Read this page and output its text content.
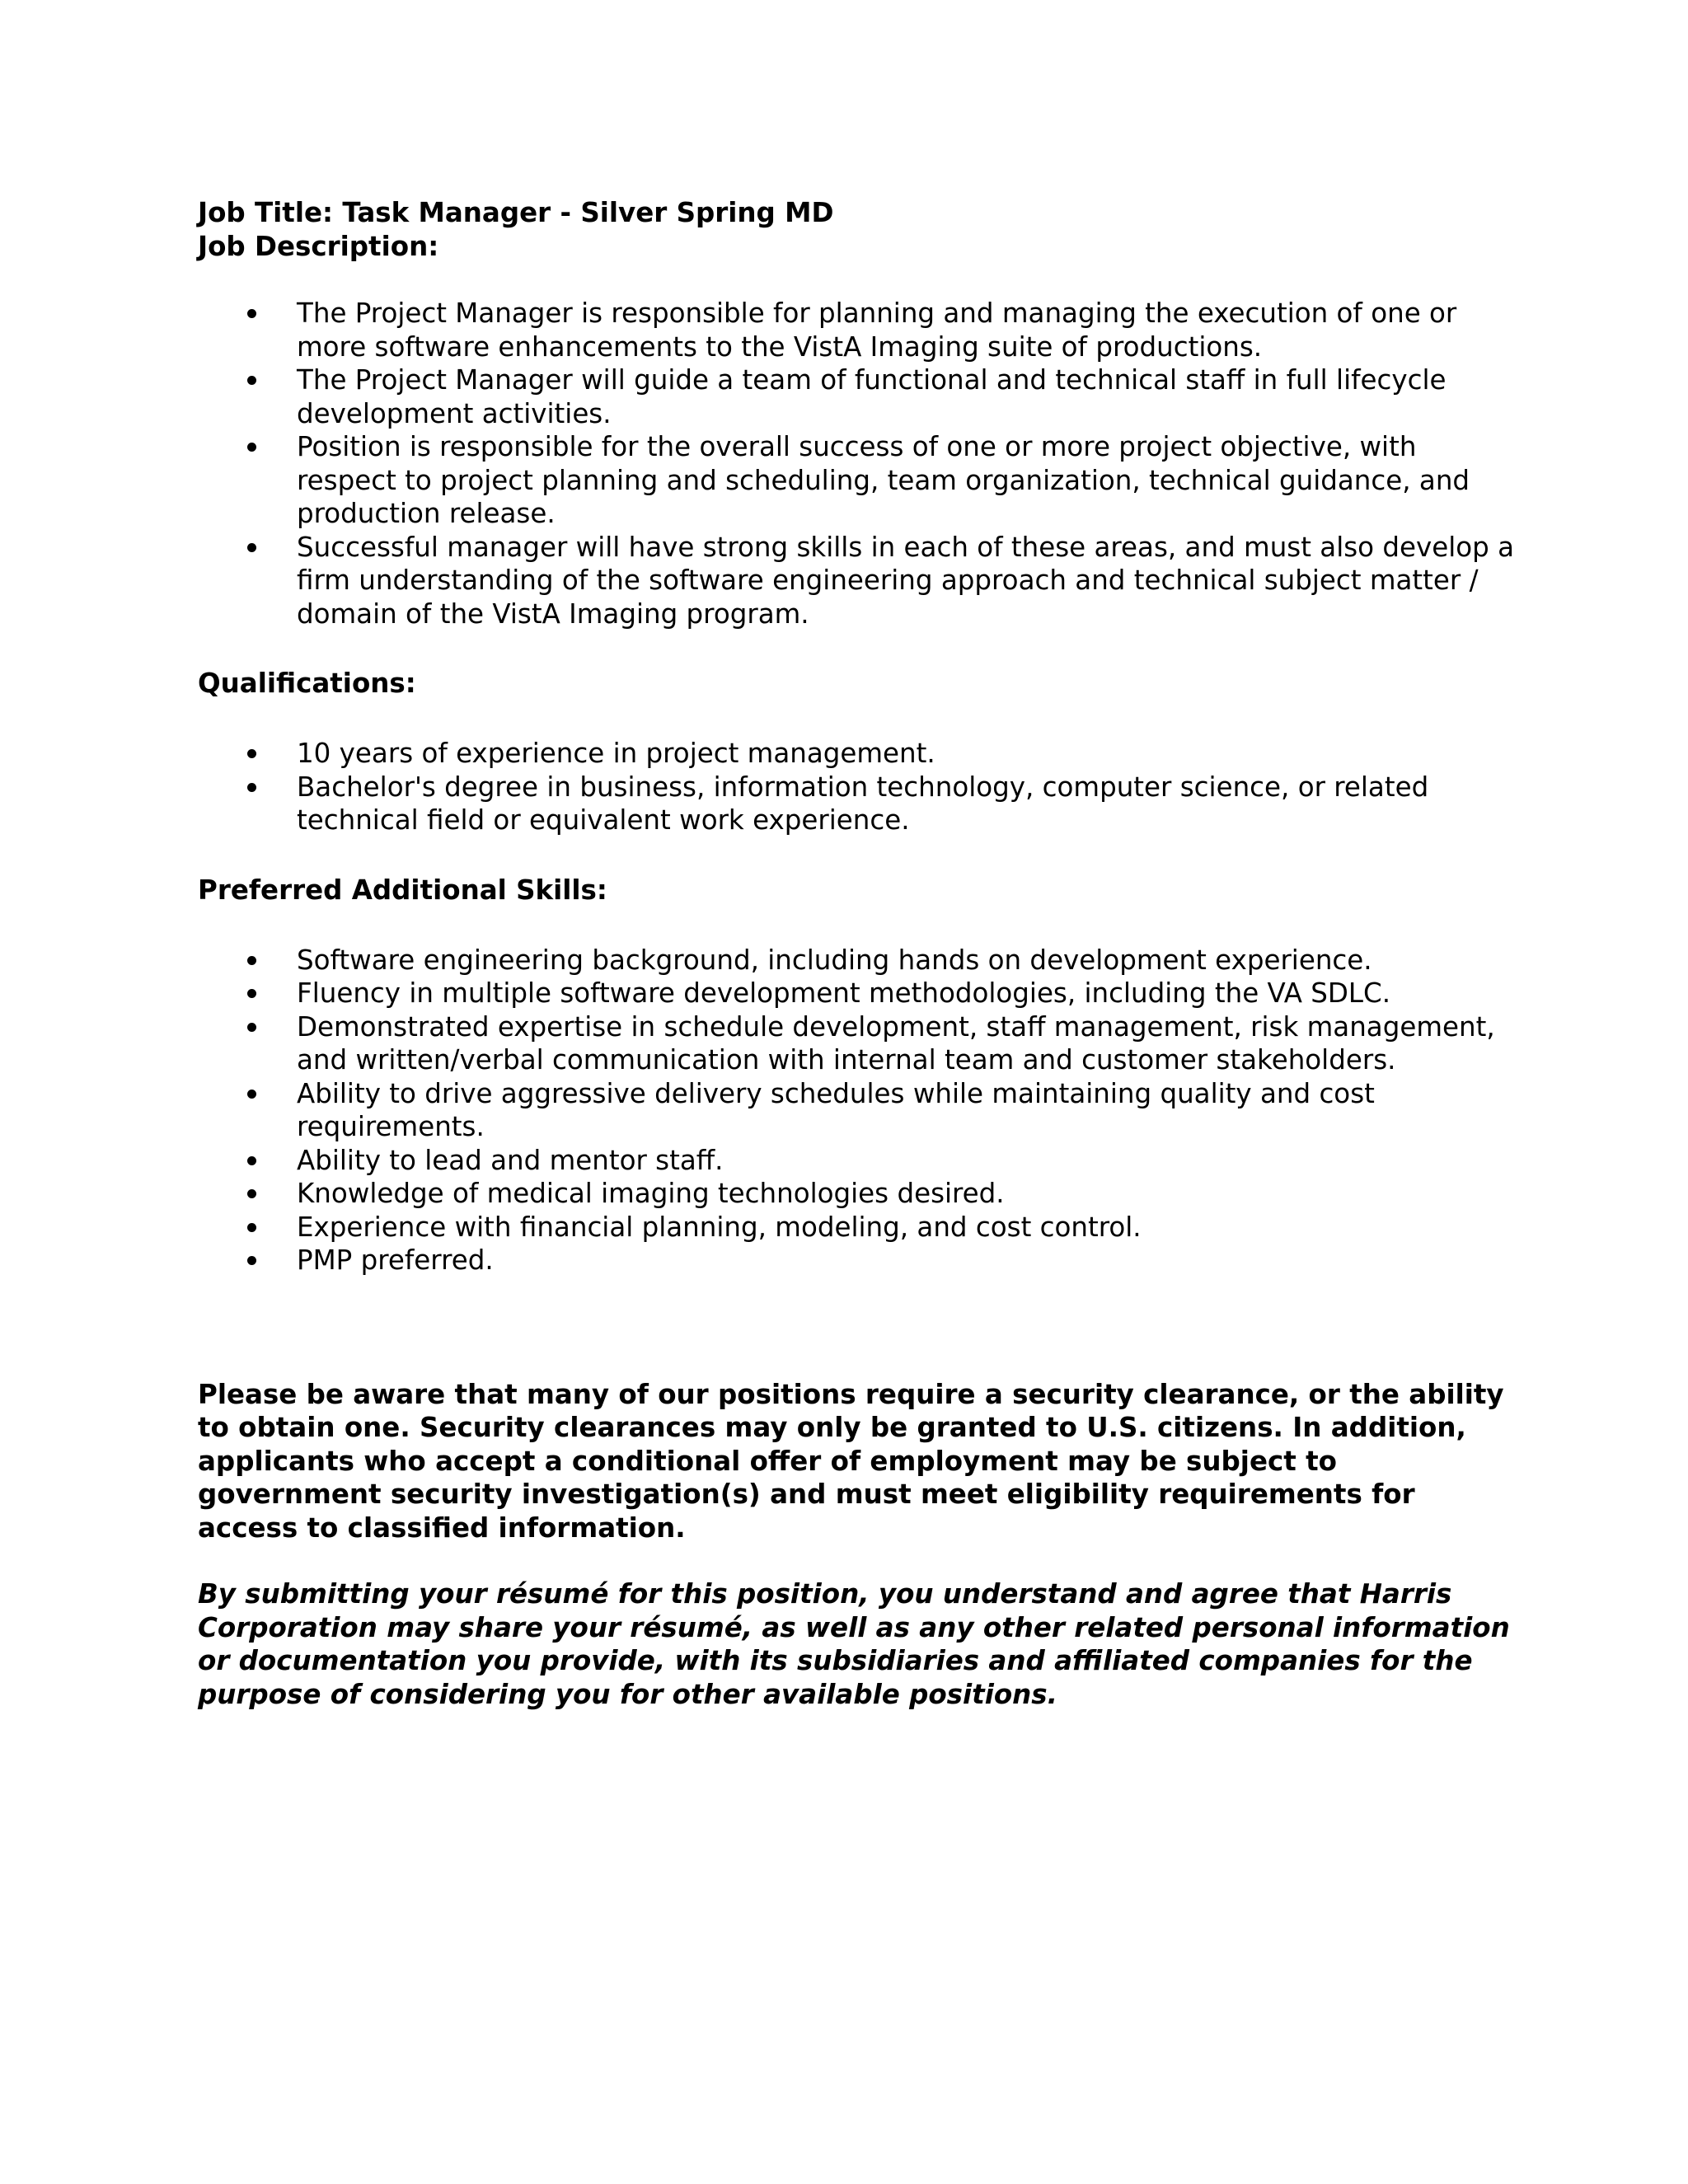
Job Title: Task Manager - Silver Spring MD

Job Description:

The Project Manager is responsible for planning and managing the execution of one or more software enhancements to the VistA Imaging suite of productions.
The Project Manager will guide a team of functional and technical staff in full lifecycle development activities.
Position is responsible for the overall success of one or more project objective, with respect to project planning and scheduling, team organization, technical guidance, and production release.
Successful manager will have strong skills in each of these areas, and must also develop a firm understanding of the software engineering approach and technical subject matter / domain of the VistA Imaging program.

Qualifications:

10 years of experience in project management.
Bachelor's degree in business, information technology, computer science, or related technical field or equivalent work experience.

Preferred Additional Skills:

Software engineering background, including hands on development experience.
Fluency in multiple software development methodologies, including the VA SDLC.
Demonstrated expertise in schedule development, staff management, risk management, and written/verbal communication with internal team and customer stakeholders.
Ability to drive aggressive delivery schedules while maintaining quality and cost requirements.
Ability to lead and mentor staff.
Knowledge of medical imaging technologies desired.
Experience with financial planning, modeling, and cost control.
PMP preferred.

Please be aware that many of our positions require a security clearance, or the ability to obtain one. Security clearances may only be granted to U.S. citizens. In addition, applicants who accept a conditional offer of employment may be subject to government security investigation(s) and must meet eligibility requirements for access to classified information.

By submitting your résumé for this position, you understand and agree that Harris Corporation may share your résumé, as well as any other related personal information or documentation you provide, with its subsidiaries and affiliated companies for the purpose of considering you for other available positions.
